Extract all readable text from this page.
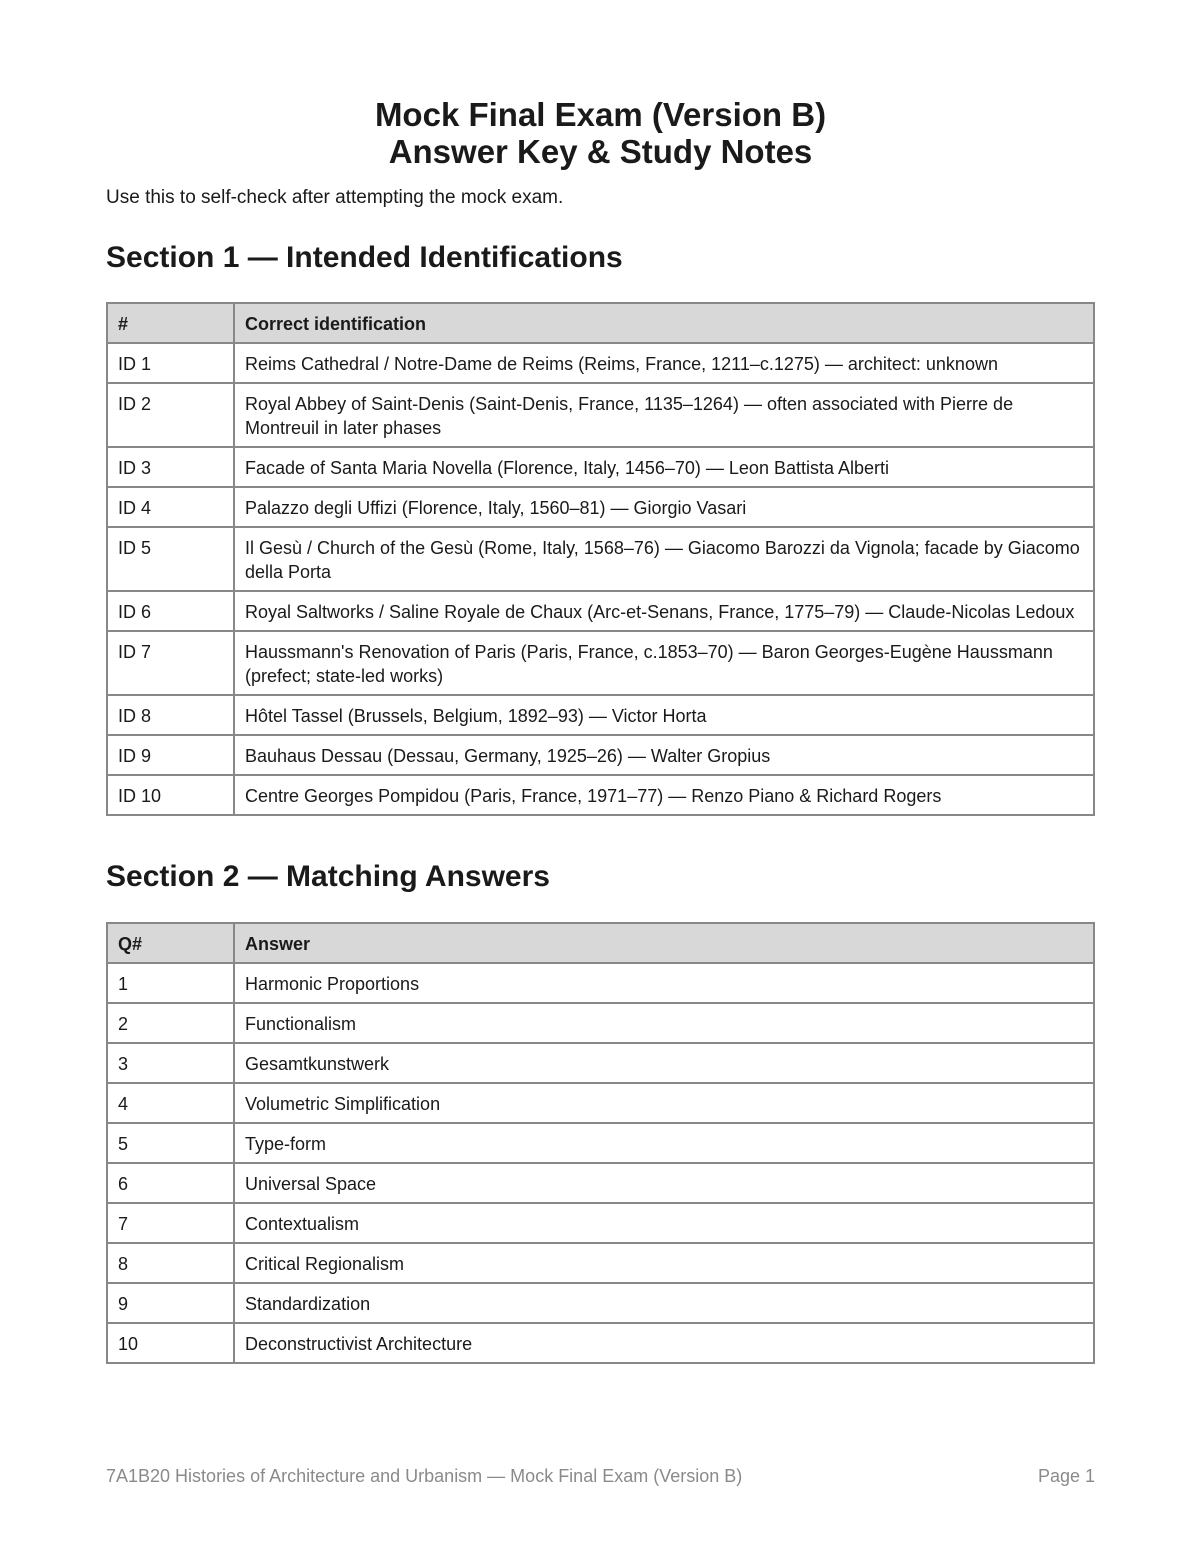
Mock Final Exam (Version B)
Answer Key & Study Notes

Use this to self-check after attempting the mock exam.

Section 1 — Intended Identifications
#	Correct identification
ID 1	Reims Cathedral / Notre-Dame de Reims (Reims, France, 1211–c.1275) — architect: unknown
ID 2	Royal Abbey of Saint-Denis (Saint-Denis, France, 1135–1264) — often associated with Pierre de Montreuil in later phases
ID 3	Facade of Santa Maria Novella (Florence, Italy, 1456–70) — Leon Battista Alberti
ID 4	Palazzo degli Uffizi (Florence, Italy, 1560–81) — Giorgio Vasari
ID 5	Il Gesù / Church of the Gesù (Rome, Italy, 1568–76) — Giacomo Barozzi da Vignola; facade by Giacomo della Porta
ID 6	Royal Saltworks / Saline Royale de Chaux (Arc-et-Senans, France, 1775–79) — Claude-Nicolas Ledoux
ID 7	Haussmann's Renovation of Paris (Paris, France, c.1853–70) — Baron Georges-Eugène Haussmann (prefect; state-led works)
ID 8	Hôtel Tassel (Brussels, Belgium, 1892–93) — Victor Horta
ID 9	Bauhaus Dessau (Dessau, Germany, 1925–26) — Walter Gropius
ID 10	Centre Georges Pompidou (Paris, France, 1971–77) — Renzo Piano & Richard Rogers
Section 2 — Matching Answers
Q#	Answer
1	Harmonic Proportions
2	Functionalism
3	Gesamtkunstwerk
4	Volumetric Simplification
5	Type-form
6	Universal Space
7	Contextualism
8	Critical Regionalism
9	Standardization
10	Deconstructivist Architecture
7A1B20 Histories of Architecture and Urbanism — Mock Final Exam (Version B)	Page 1
